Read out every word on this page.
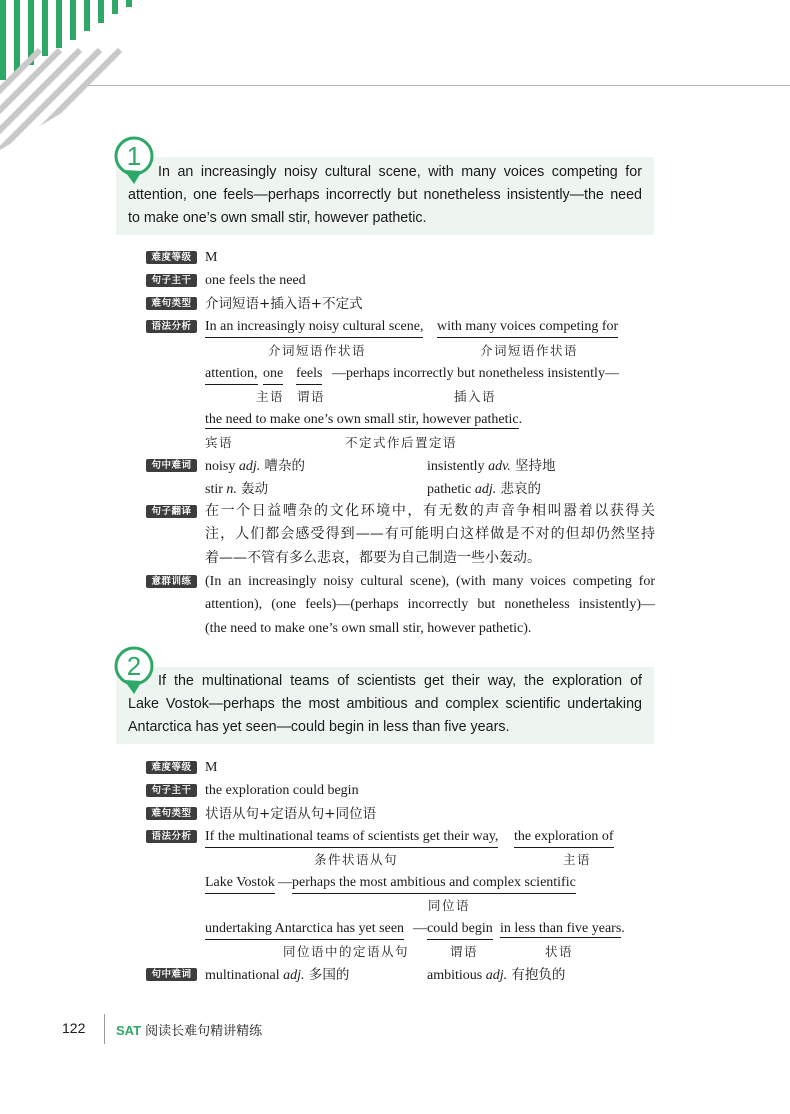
1
In an increasingly noisy cultural scene, with many voices competing for
attention, one feels—perhaps incorrectly but nonetheless insistently—the need
to make one’s own small stir, however pathetic.
难度等级 M
句子主干 one feels the need
难句类型	介词短语+插入语+不定式
语法分析 In an increasingly noisy cultural scene, with many voices competing for
介词短语作状语	介词短语作状语
attention, one feels —perhaps incorrectly but nonetheless insistently—
主语 谓语	插入语
the need to make one’s own small stir, however pathetic.
宾语	不定式作后置定语
句中难词 noisy adj. 嘈杂的	insistently adv. 坚持地
stir n. 轰动	pathetic adj. 悲哀的
句子翻译 在一个日益嘈杂的文化环境中，有无数的声音争相叫嚣着以获得关
注，人们都会感受得到——有可能明白这样做是不对的但却仍然坚持
着——不管有多么悲哀，都要为自己制造一些小轰动。
意群训练 (In an increasingly noisy cultural scene), (with many voices competing for
attention), (one feels)—(perhaps incorrectly but nonetheless insistently)—
(the need to make one’s own small stir, however pathetic).
2	If the multinational teams of scientists get their way, the exploration of
Lake Vostok—perhaps the most ambitious and complex scientific undertaking
Antarctica has yet seen—could begin in less than five years.
难度等级 M
句子主干 the exploration could begin
难句类型	状语从句+定语从句+同位语
语法分析 If the multinational teams of scientists get their way, the exploration of
条件状语从句	主语
Lake Vostok — perhaps the most ambitious and complex scientific
同位语
undertaking Antarctica has yet seen — could begin in less than five years.
同位语中的定语从句	谓语	状语
句中难词 multinational adj. 多国的	ambitious adj. 有抱负的
122 SAT 阅读长难句精讲精练
